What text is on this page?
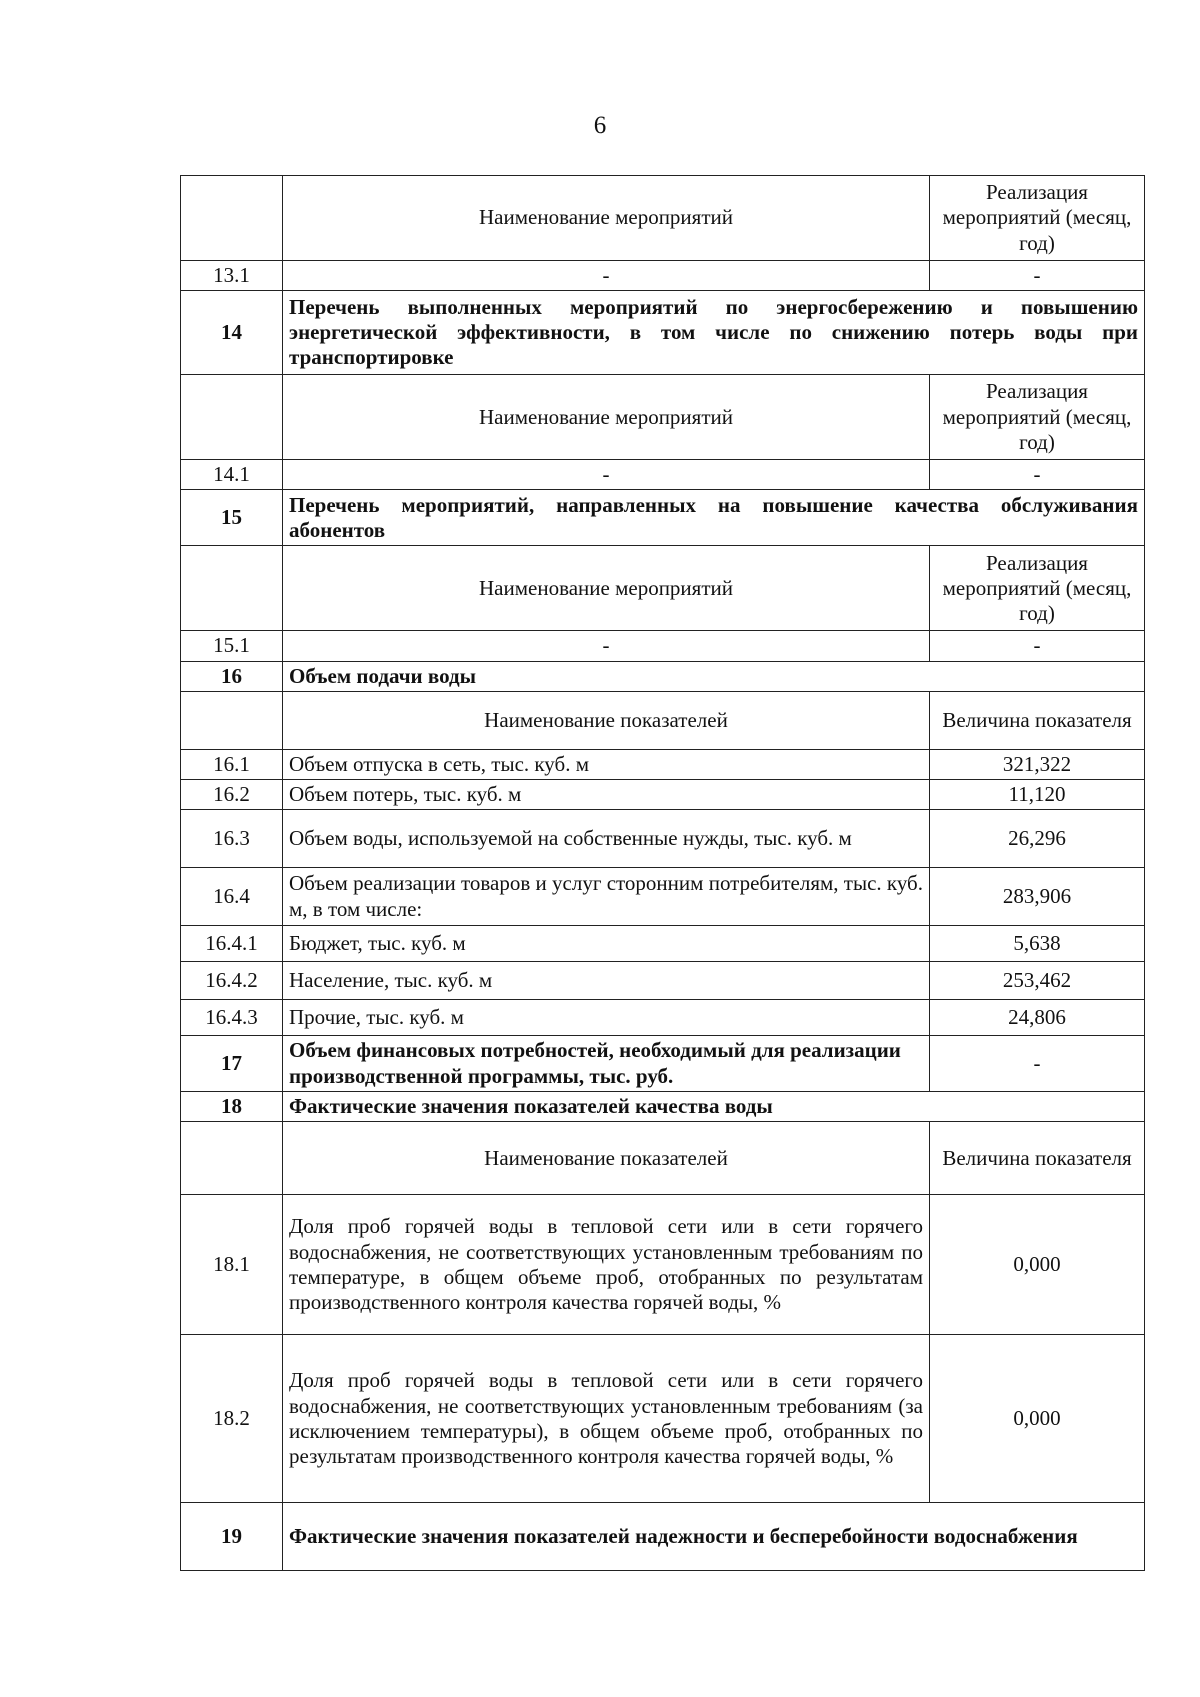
6
	Наименование мероприятий	Реализация мероприятий (месяц, год)
13.1	-	-
14	Перечень выполненных мероприятий по энергосбережению и повышению энергетической эффективности, в том числе по снижению потерь воды при транспортировке	
	Наименование мероприятий	Реализация мероприятий (месяц, год)
14.1	-	-
15	Перечень мероприятий, направленных на повышение качества обслуживания абонентов	
	Наименование мероприятий	Реализация мероприятий (месяц, год)
15.1	-	-
16	Объем подачи воды	
	Наименование показателей	Величина показателя
16.1	Объем отпуска в сеть, тыс. куб. м	321,322
16.2	Объем потерь, тыс. куб. м	11,120
16.3	Объем воды, используемой на собственные нужды, тыс. куб. м	26,296
16.4	Объем реализации товаров и услуг сторонним потребителям, тыс. куб. м, в том числе:	283,906
16.4.1	Бюджет, тыс. куб. м	5,638
16.4.2	Население, тыс. куб. м	253,462
16.4.3	Прочие, тыс. куб. м	24,806
17	Объем финансовых потребностей, необходимый для реализации производственной программы, тыс. руб.	-
18	Фактические значения показателей качества воды	
	Наименование показателей	Величина показателя
18.1	Доля проб горячей воды в тепловой сети или в сети горячего водоснабжения, не соответствующих установленным требованиям по температуре, в общем объеме проб, отобранных по результатам производственного контроля качества горячей воды, %	0,000
18.2	Доля проб горячей воды в тепловой сети или в сети горячего водоснабжения, не соответствующих установленным требованиям (за исключением температуры), в общем объеме проб, отобранных по результатам производственного контроля качества горячей воды, %	0,000
19	Фактические значения показателей надежности и бесперебойности водоснабжения	
